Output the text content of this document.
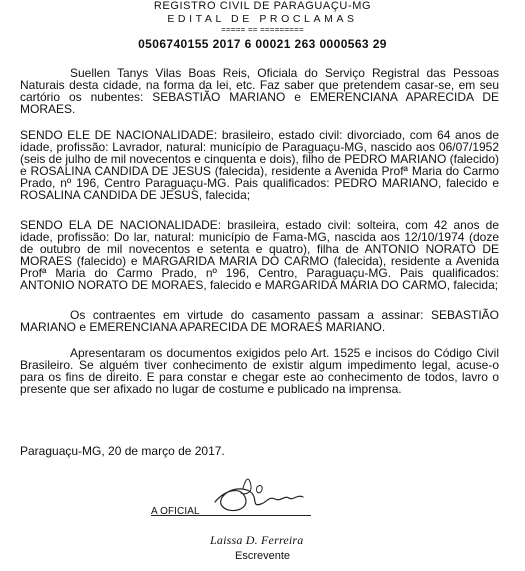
REGISTRO CIVIL DE PARAGUAÇU-MG
EDITAL DE PROCLAMAS
===== == =========
0506740155 2017 6 00021 263 0000563 29

Suellen Tanys Vilas Boas Reis, Oficiala do Serviço Registral das Pessoas Naturais desta cidade, na forma da lei, etc. Faz saber que pretendem casar-se, em seu cartório os nubentes: SEBASTIÃO MARIANO e EMERENCIANA APARECIDA DE MORAES.

SENDO ELE DE NACIONALIDADE: brasileiro, estado civil: divorciado, com 64 anos de idade, profissão: Lavrador, natural: município de Paraguaçu-MG, nascido aos 06/07/1952 (seis de julho de mil novecentos e cinquenta e dois), filho de PEDRO MARIANO (falecido) e ROSALINA CANDIDA DE JESUS (falecida), residente a Avenida Profª Maria do Carmo Prado, nº 196, Centro Paraguaçu-MG. Pais qualificados: PEDRO MARIANO, falecido e ROSALINA CANDIDA DE JESUS, falecida;

SENDO ELA DE NACIONALIDADE: brasileira, estado civil: solteira, com 42 anos de idade, profissão: Do lar, natural: município de Fama-MG, nascida aos 12/10/1974 (doze de outubro de mil novecentos e setenta e quatro), filha de ANTONIO NORATO DE MORAES (falecido) e MARGARIDA MARIA DO CARMO (falecida), residente a Avenida Profª Maria do Carmo Prado, nº 196, Centro, Paraguaçu-MG. Pais qualificados: ANTONIO NORATO DE MORAES, falecido e MARGARIDA MARIA DO CARMO, falecida;

Os contraentes em virtude do casamento passam a assinar: SEBASTIÃO MARIANO e EMERENCIANA APARECIDA DE MORAES MARIANO.

Apresentaram os documentos exigidos pelo Art. 1525 e incisos do Código Civil Brasileiro. Se alguém tiver conhecimento de existir algum impedimento legal, acuse-o para os fins de direito. E para constar e chegar este ao conhecimento de todos, lavro o presente que ser afixado no lugar de costume e publicado na imprensa.

Paraguaçu-MG, 20 de março de 2017.
A OFICIAL
Laissa D. Ferreira
Escrevente
